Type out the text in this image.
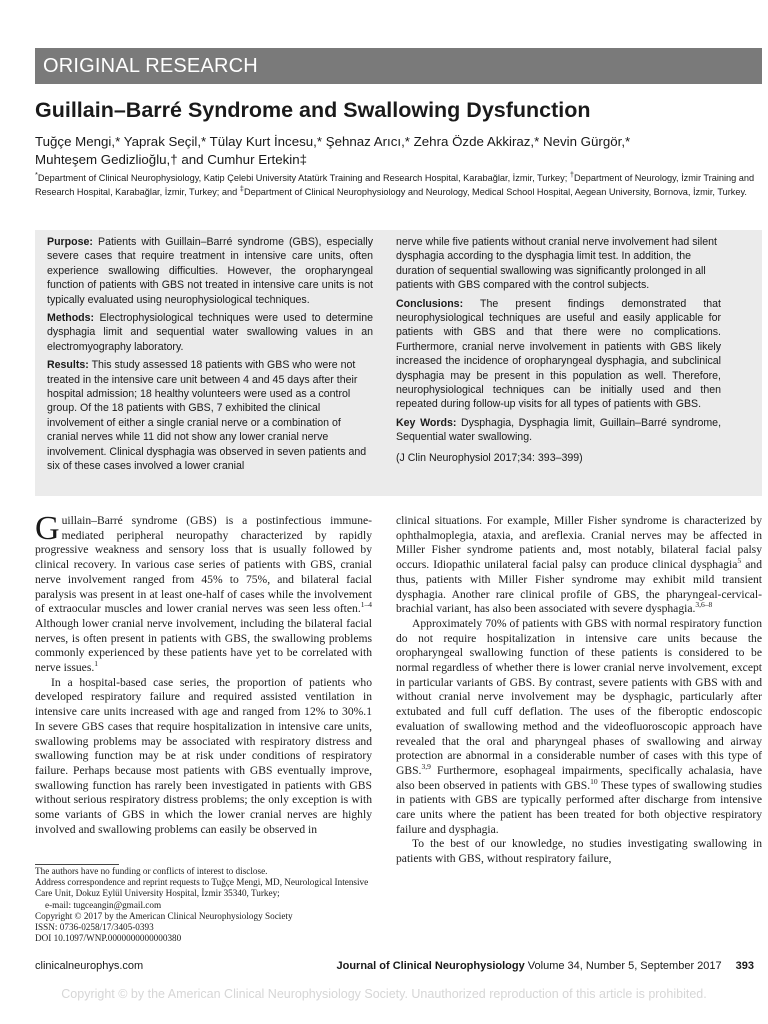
ORIGINAL RESEARCH
Guillain–Barré Syndrome and Swallowing Dysfunction
Tuğçe Mengi,* Yaprak Seçil,* Tülay Kurt İncesu,* Şehnaz Arıcı,* Zehra Özde Akkiraz,* Nevin Gürgör,*
Muhteşem Gedizlioğlu,† and Cumhur Ertekin‡
*Department of Clinical Neurophysiology, Katip Çelebi University Atatürk Training and Research Hospital, Karabağlar, İzmir, Turkey; †Department of Neurology, İzmir Training and Research Hospital, Karabağlar, İzmir, Turkey; and ‡Department of Clinical Neurophysiology and Neurology, Medical School Hospital, Aegean University, Bornova, İzmir, Turkey.

Purpose: Patients with Guillain–Barré syndrome (GBS), especially severe cases that require treatment in intensive care units, often experience swallowing difficulties. However, the oropharyngeal function of patients with GBS not treated in intensive care units is not typically evaluated using neurophysiological techniques.

Methods: Electrophysiological techniques were used to determine dysphagia limit and sequential water swallowing values in an electromyography laboratory.

Results: This study assessed 18 patients with GBS who were not treated in the intensive care unit between 4 and 45 days after their hospital admission; 18 healthy volunteers were used as a control group. Of the 18 patients with GBS, 7 exhibited the clinical involvement of either a single cranial nerve or a combination of cranial nerves while 11 did not show any lower cranial nerve involvement. Clinical dysphagia was observed in seven patients and six of these cases involved a lower cranial

nerve while five patients without cranial nerve involvement had silent dysphagia according to the dysphagia limit test. In addition, the duration of sequential swallowing was significantly prolonged in all patients with GBS compared with the control subjects.

Conclusions: The present findings demonstrated that neurophysiological techniques are useful and easily applicable for patients with GBS and that there were no complications. Furthermore, cranial nerve involvement in patients with GBS likely increased the incidence of oropharyngeal dysphagia, and subclinical dysphagia may be present in this population as well. Therefore, neurophysiological techniques can be initially used and then repeated during follow-up visits for all types of patients with GBS.

Key Words: Dysphagia, Dysphagia limit, Guillain–Barré syndrome, Sequential water swallowing.

(J Clin Neurophysiol 2017;34: 393–399)

Guillain–Barré syndrome (GBS) is a postinfectious immune-mediated peripheral neuropathy characterized by rapidly progressive weakness and sensory loss that is usually followed by clinical recovery. In various case series of patients with GBS, cranial nerve involvement ranged from 45% to 75%, and bilateral facial paralysis was present in at least one-half of cases while the involvement of extraocular muscles and lower cranial nerves was seen less often.$^{1-4}$ Although lower cranial nerve involvement, including the bilateral facial nerves, is often present in patients with GBS, the swallowing problems commonly experienced by these patients have yet to be correlated with nerve issues.$^1$

In a hospital-based case series, the proportion of patients who developed respiratory failure and required assisted ventilation in intensive care units increased with age and ranged from 12% to 30%.1 In severe GBS cases that require hospitalization in intensive care units, swallowing problems may be associated with respiratory distress and swallowing function may be at risk under conditions of respiratory failure. Perhaps because most patients with GBS eventually improve, swallowing function has rarely been investigated in patients with GBS without serious respiratory distress problems; the only exception is with some variants of GBS in which the lower cranial nerves are highly involved and swallowing problems can easily be observed in

clinical situations. For example, Miller Fisher syndrome is characterized by ophthalmoplegia, ataxia, and areflexia. Cranial nerves may be affected in Miller Fisher syndrome patients and, most notably, bilateral facial palsy occurs. Idiopathic unilateral facial palsy can produce clinical dysphagia$^5$ and thus, patients with Miller Fisher syndrome may exhibit mild transient dysphagia. Another rare clinical profile of GBS, the pharyngeal-cervical-brachial variant, has also been associated with severe dysphagia.$^{3,6-8}$

Approximately 70% of patients with GBS with normal respiratory function do not require hospitalization in intensive care units because the oropharyngeal swallowing function of these patients is considered to be normal regardless of whether there is lower cranial nerve involvement, except in particular variants of GBS. By contrast, severe patients with GBS with and without cranial nerve involvement may be dysphagic, particularly after extubated and full cuff deflation. The uses of the fiberoptic endoscopic evaluation of swallowing method and the videofluoroscopic approach have revealed that the oral and pharyngeal phases of swallowing and airway protection are abnormal in a considerable number of cases with this type of GBS.$^{3,9}$ Furthermore, esophageal impairments, specifically achalasia, have also been observed in patients with GBS.$^{10}$ These types of swallowing studies in patients with GBS are typically performed after discharge from intensive care units where the patient has been treated for both objective respiratory failure and dysphagia.

To the best of our knowledge, no studies investigating swallowing in patients with GBS, without respiratory failure,

The authors have no funding or conflicts of interest to disclose.
Address correspondence and reprint requests to Tuğçe Mengi, MD, Neurological Intensive Care Unit, Dokuz Eylül University Hospital, İzmir 35340, Turkey;
e-mail: tugceangin@gmail.com
Copyright © 2017 by the American Clinical Neurophysiology Society
ISSN: 0736-0258/17/3405-0393
DOI 10.1097/WNP.0000000000000380
clinicalneurophys.com	Journal of Clinical Neurophysiology Volume 34, Number 5, September 2017 393
Copyright © by the American Clinical Neurophysiology Society. Unauthorized reproduction of this article is prohibited.
